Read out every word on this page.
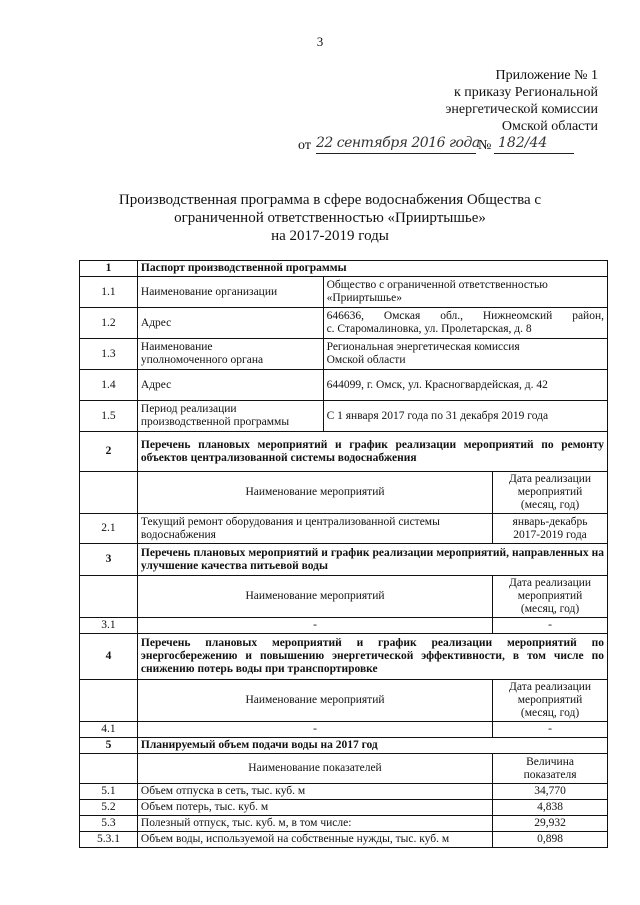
3
Приложение № 1
к приказу Региональной
энергетической комиссии
Омской области
от 22 сентября 2016 года
№ 182/44
Производственная программа в сфере водоснабжения Общества с
ограниченной ответственностью «Прииртышье»
на 2017-2019 годы
1	Паспорт производственной программы		
1.1	Наименование организации	Общество с ограниченной ответственностью
«Прииртышье»	

1.2	Адрес	646636, Омская обл., Нижнеомский район,
с. Старомалиновка, ул. Пролетарская, д. 8	

1.3	Наименование
уполномоченного органа	Региональная энергетическая комиссия
Омской области	

1.4	Адрес	644099, г. Омск, ул. Красногвардейская, д. 42	
1.5	Период реализации
производственной программы	С 1 января 2017 года по 31 декабря 2019 года	
2	Перечень плановых мероприятий и график реализации мероприятий по ремонту объектов централизованной системы водоснабжения		
	Наименование мероприятий		Дата реализации
мероприятий
(месяц, год)

2.1	Текущий ремонт оборудования и централизованной системы водоснабжения		январь-декабрь
2017-2019 года

3	Перечень плановых мероприятий и график реализации мероприятий, направленных на улучшение качества питьевой воды		
	Наименование мероприятий		Дата реализации
мероприятий
(месяц, год)

3.1	-		-
4	Перечень плановых мероприятий и график реализации мероприятий по энергосбережению и повышению энергетической эффективности, в том числе по снижению потерь воды при транспортировке		
	Наименование мероприятий		Дата реализации
мероприятий
(месяц, год)

4.1	-		-
5	Планируемый объем подачи воды на 2017 год		
	Наименование показателей		Величина
показателя

5.1	Объем отпуска в сеть, тыс. куб. м		34,770
5.2	Объем потерь, тыс. куб. м		4,838
5.3	Полезный отпуск, тыс. куб. м, в том числе:		29,932
5.3.1	Объем воды, используемой на собственные нужды, тыс. куб. м		0,898
